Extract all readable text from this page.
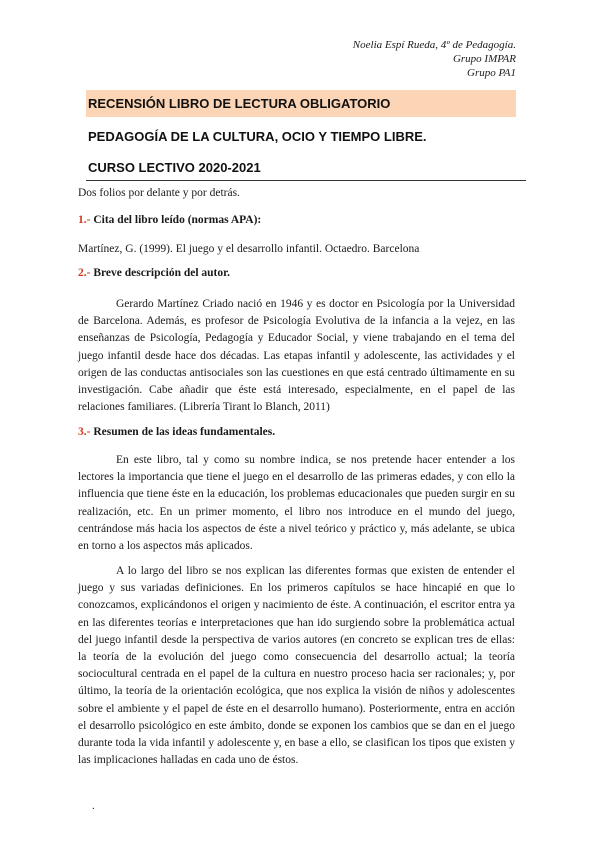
Noelia Espí Rueda, 4º de Pedagogía.
Grupo IMPAR
Grupo PA1
RECENSIÓN LIBRO DE LECTURA OBLIGATORIO
PEDAGOGÍA DE LA CULTURA, OCIO Y TIEMPO LIBRE.
CURSO LECTIVO 2020-2021
Dos folios por delante y por detrás.
1.- Cita del libro leído (normas APA):
Martínez, G. (1999). El juego y el desarrollo infantil. Octaedro. Barcelona
2.- Breve descripción del autor.

Gerardo Martínez Criado nació en 1946 y es doctor en Psicología por la Universidad de Barcelona. Además, es profesor de Psicología Evolutiva de la infancia a la vejez, en las enseñanzas de Psicología, Pedagogía y Educador Social, y viene trabajando en el tema del juego infantil desde hace dos décadas. Las etapas infantil y adolescente, las actividades y el origen de las conductas antisociales son las cuestiones en que está centrado últimamente en su investigación. Cabe añadir que éste está interesado, especialmente, en el papel de las relaciones familiares. (Librería Tirant lo Blanch, 2011)

3.- Resumen de las ideas fundamentales.

En este libro, tal y como su nombre indica, se nos pretende hacer entender a los lectores la importancia que tiene el juego en el desarrollo de las primeras edades, y con ello la influencia que tiene éste en la educación, los problemas educacionales que pueden surgir en su realización, etc. En un primer momento, el libro nos introduce en el mundo del juego, centrándose más hacia los aspectos de éste a nivel teórico y práctico y, más adelante, se ubica en torno a los aspectos más aplicados.

A lo largo del libro se nos explican las diferentes formas que existen de entender el juego y sus variadas definiciones. En los primeros capítulos se hace hincapié en que lo conozcamos, explicándonos el origen y nacimiento de éste. A continuación, el escritor entra ya en las diferentes teorías e interpretaciones que han ido surgiendo sobre la problemática actual del juego infantil desde la perspectiva de varios autores (en concreto se explican tres de ellas: la teoría de la evolución del juego como consecuencia del desarrollo actual; la teoría sociocultural centrada en el papel de la cultura en nuestro proceso hacia ser racionales; y, por último, la teoría de la orientación ecológica, que nos explica la visión de niños y adolescentes sobre el ambiente y el papel de éste en el desarrollo humano). Posteriormente, entra en acción el desarrollo psicológico en este ámbito, donde se exponen los cambios que se dan en el juego durante toda la vida infantil y adolescente y, en base a ello, se clasifican los tipos que existen y las implicaciones halladas en cada uno de éstos.

.
